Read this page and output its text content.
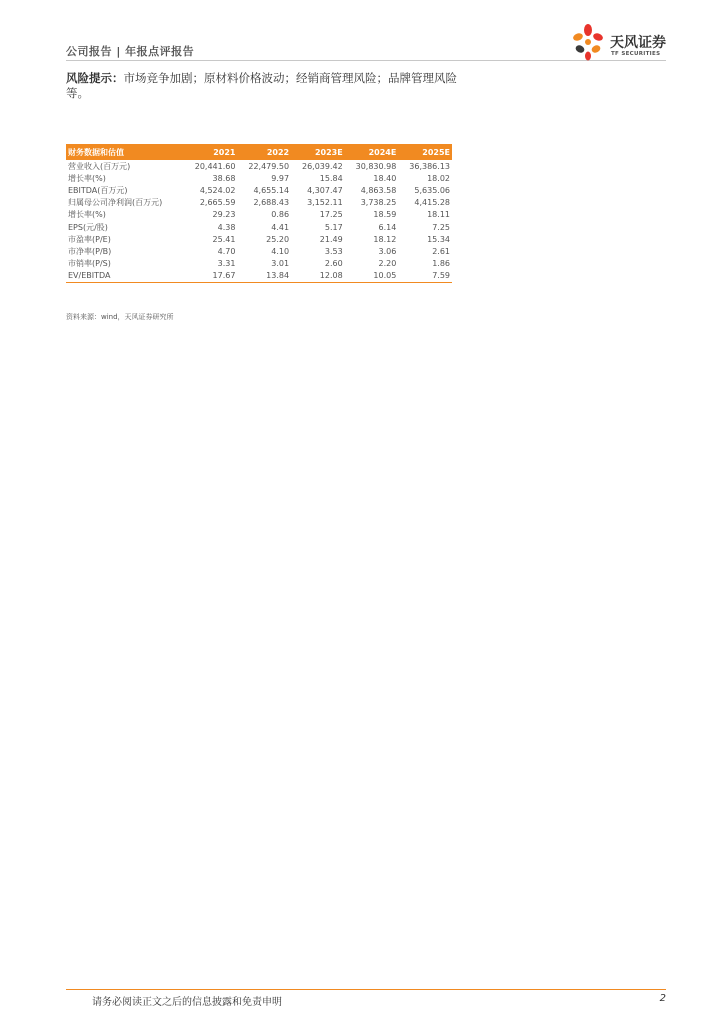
公司报告 | 年报点评报告
天风证券
TF SECURITIES
风险提示：市场竞争加剧；原材料价格波动；经销商管理风险；品牌管理风险等。
财务数据和估值	2021	2022	2023E	2024E	2025E
营业收入(百万元)	20,441.60	22,479.50	26,039.42	30,830.98	36,386.13
增长率(%)	38.68	9.97	15.84	18.40	18.02
EBITDA(百万元)	4,524.02	4,655.14	4,307.47	4,863.58	5,635.06
归属母公司净利润(百万元)	2,665.59	2,688.43	3,152.11	3,738.25	4,415.28
增长率(%)	29.23	0.86	17.25	18.59	18.11
EPS(元/股)	4.38	4.41	5.17	6.14	7.25
市盈率(P/E)	25.41	25.20	21.49	18.12	15.34
市净率(P/B)	4.70	4.10	3.53	3.06	2.61
市销率(P/S)	3.31	3.01	2.60	2.20	1.86
EV/EBITDA	17.67	13.84	12.08	10.05	7.59
资料来源：wind，天风证券研究所
请务必阅读正文之后的信息披露和免责申明	2
